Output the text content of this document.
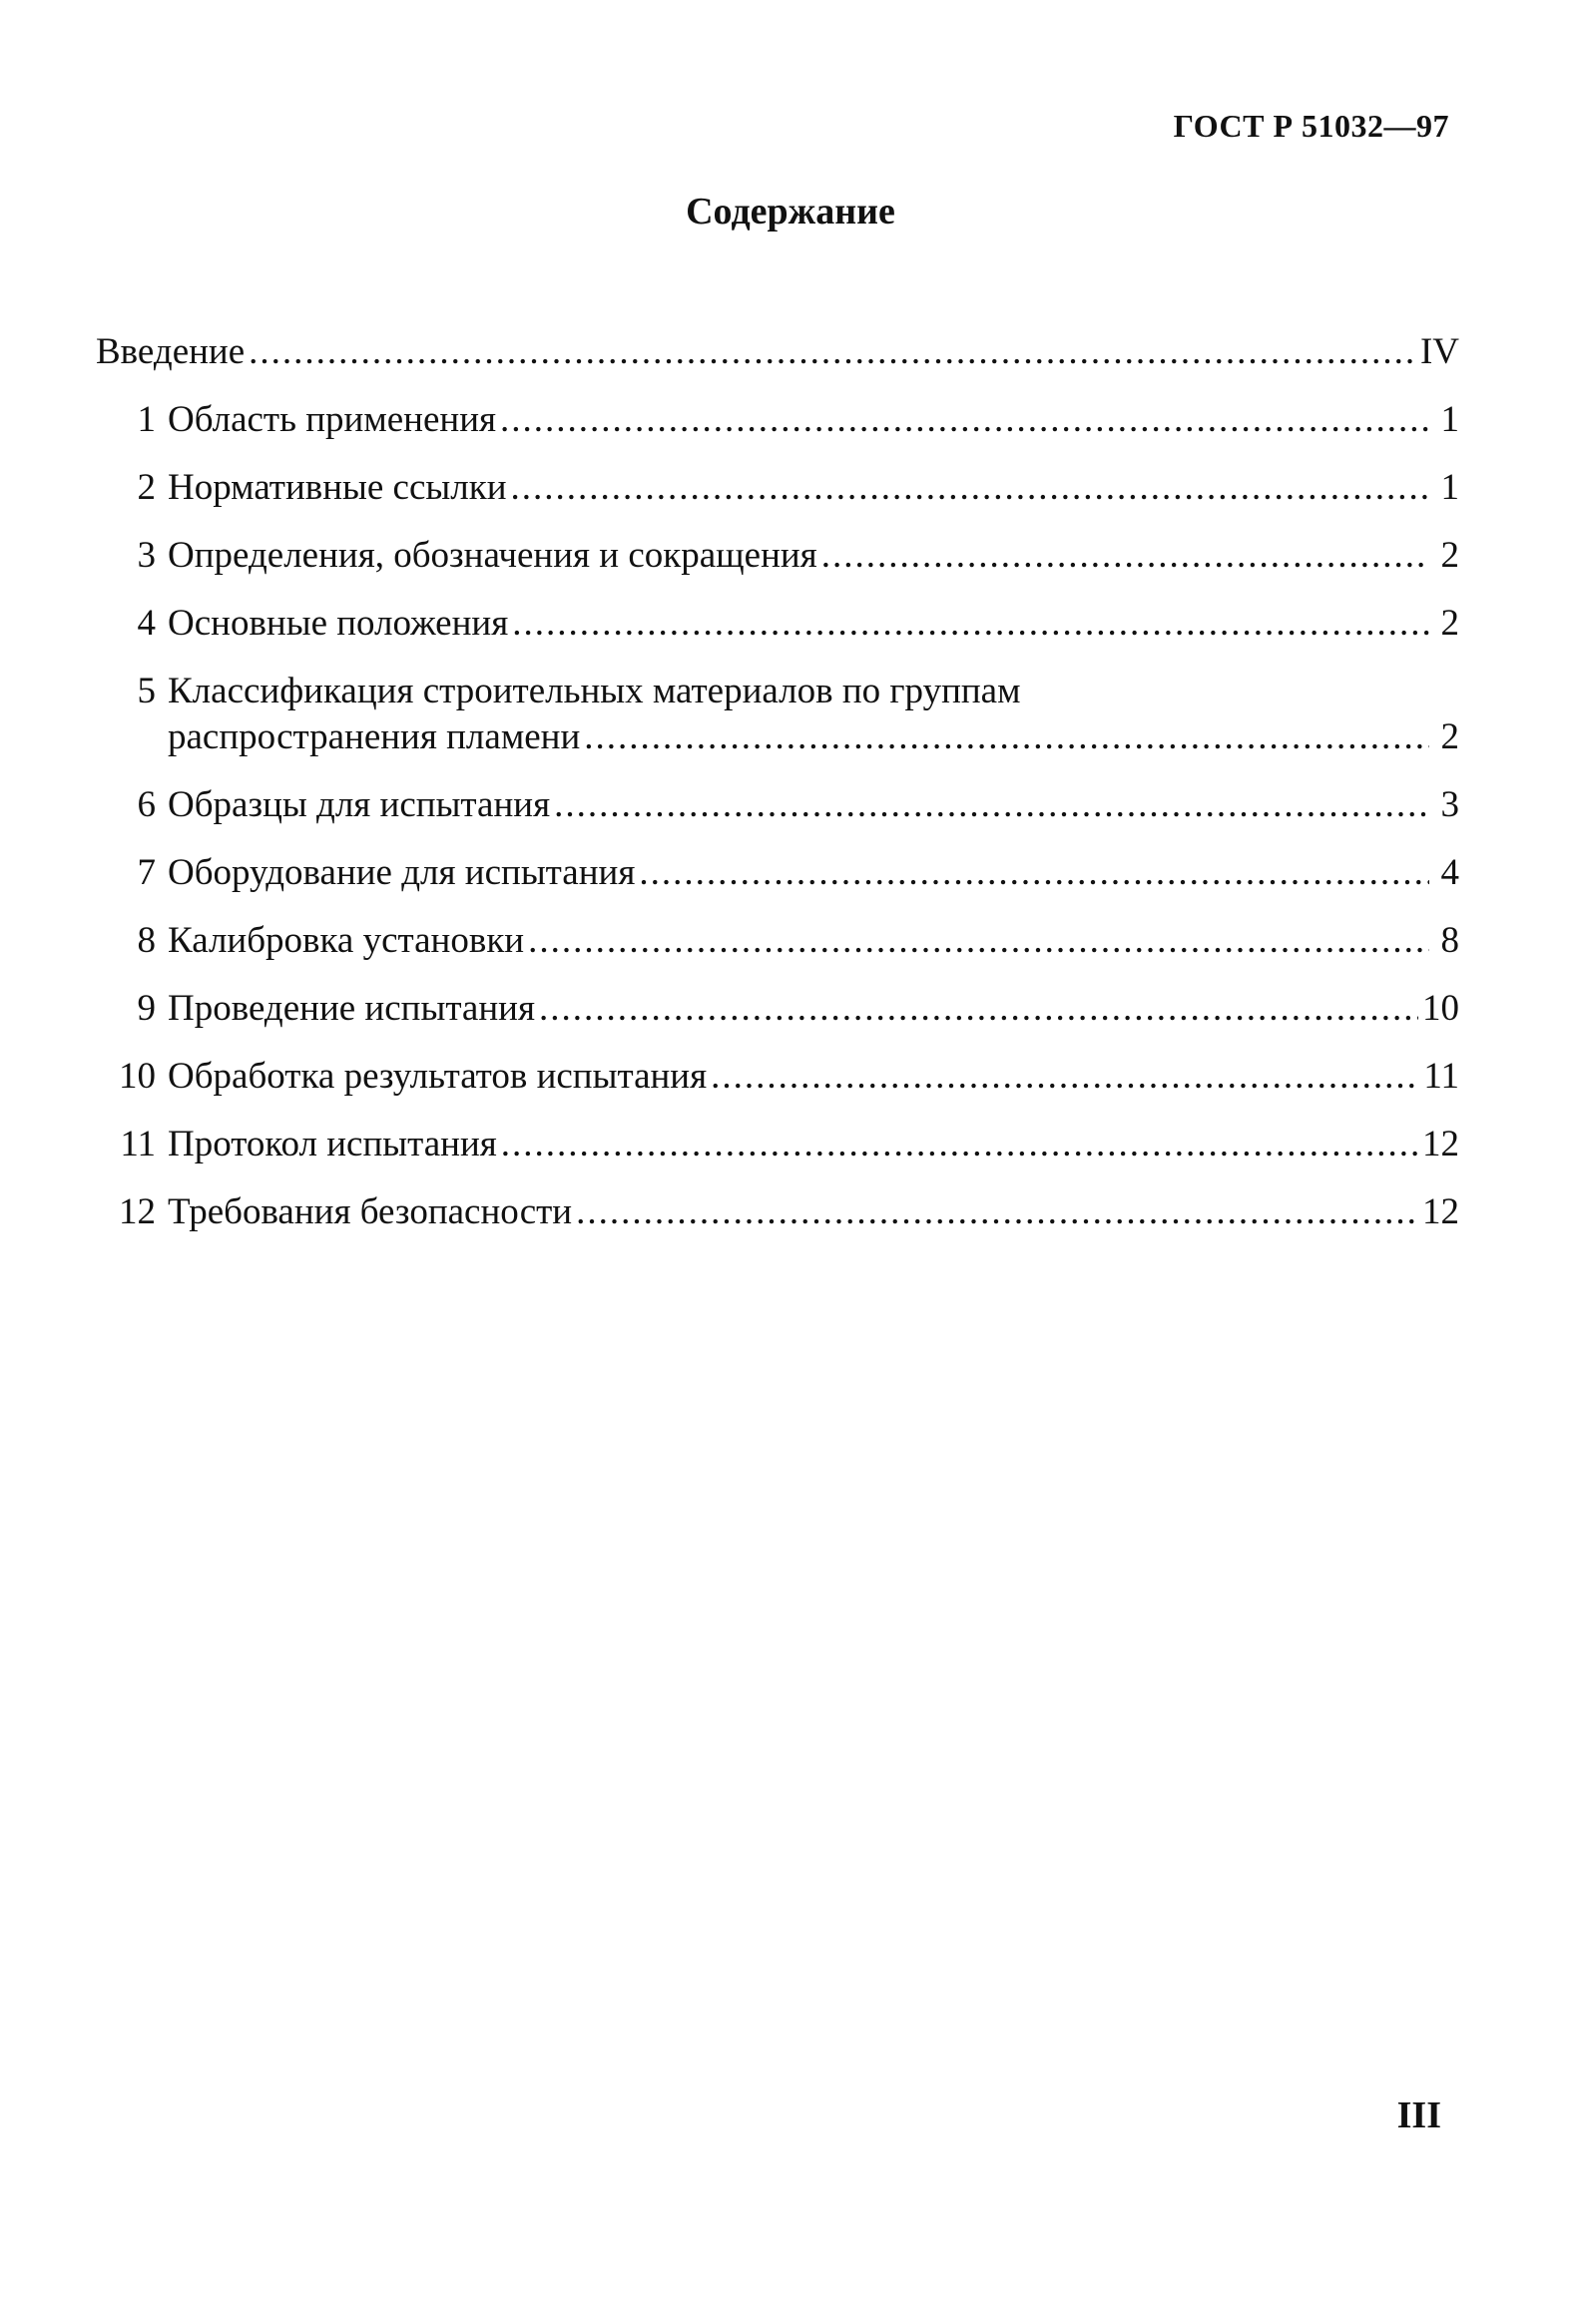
ГОСТ Р 51032—97
Содержание
Введение .....	IV
1 Область применения .....	1
2 Нормативные ссылки .....	1
3 Определения, обозначения и сокращения .....	2
4 Основные положения .....	2
5 Классификация строительных материалов по группам
распространения пламени .....	2
6 Образцы для испытания .....	3
7 Оборудование для испытания .....	4
8 Калибровка установки .....	8
9 Проведение испытания .....	10
10 Обработка результатов испытания .....	11
11 Протокол испытания .....	12
12 Требования безопасности .....	12
III
